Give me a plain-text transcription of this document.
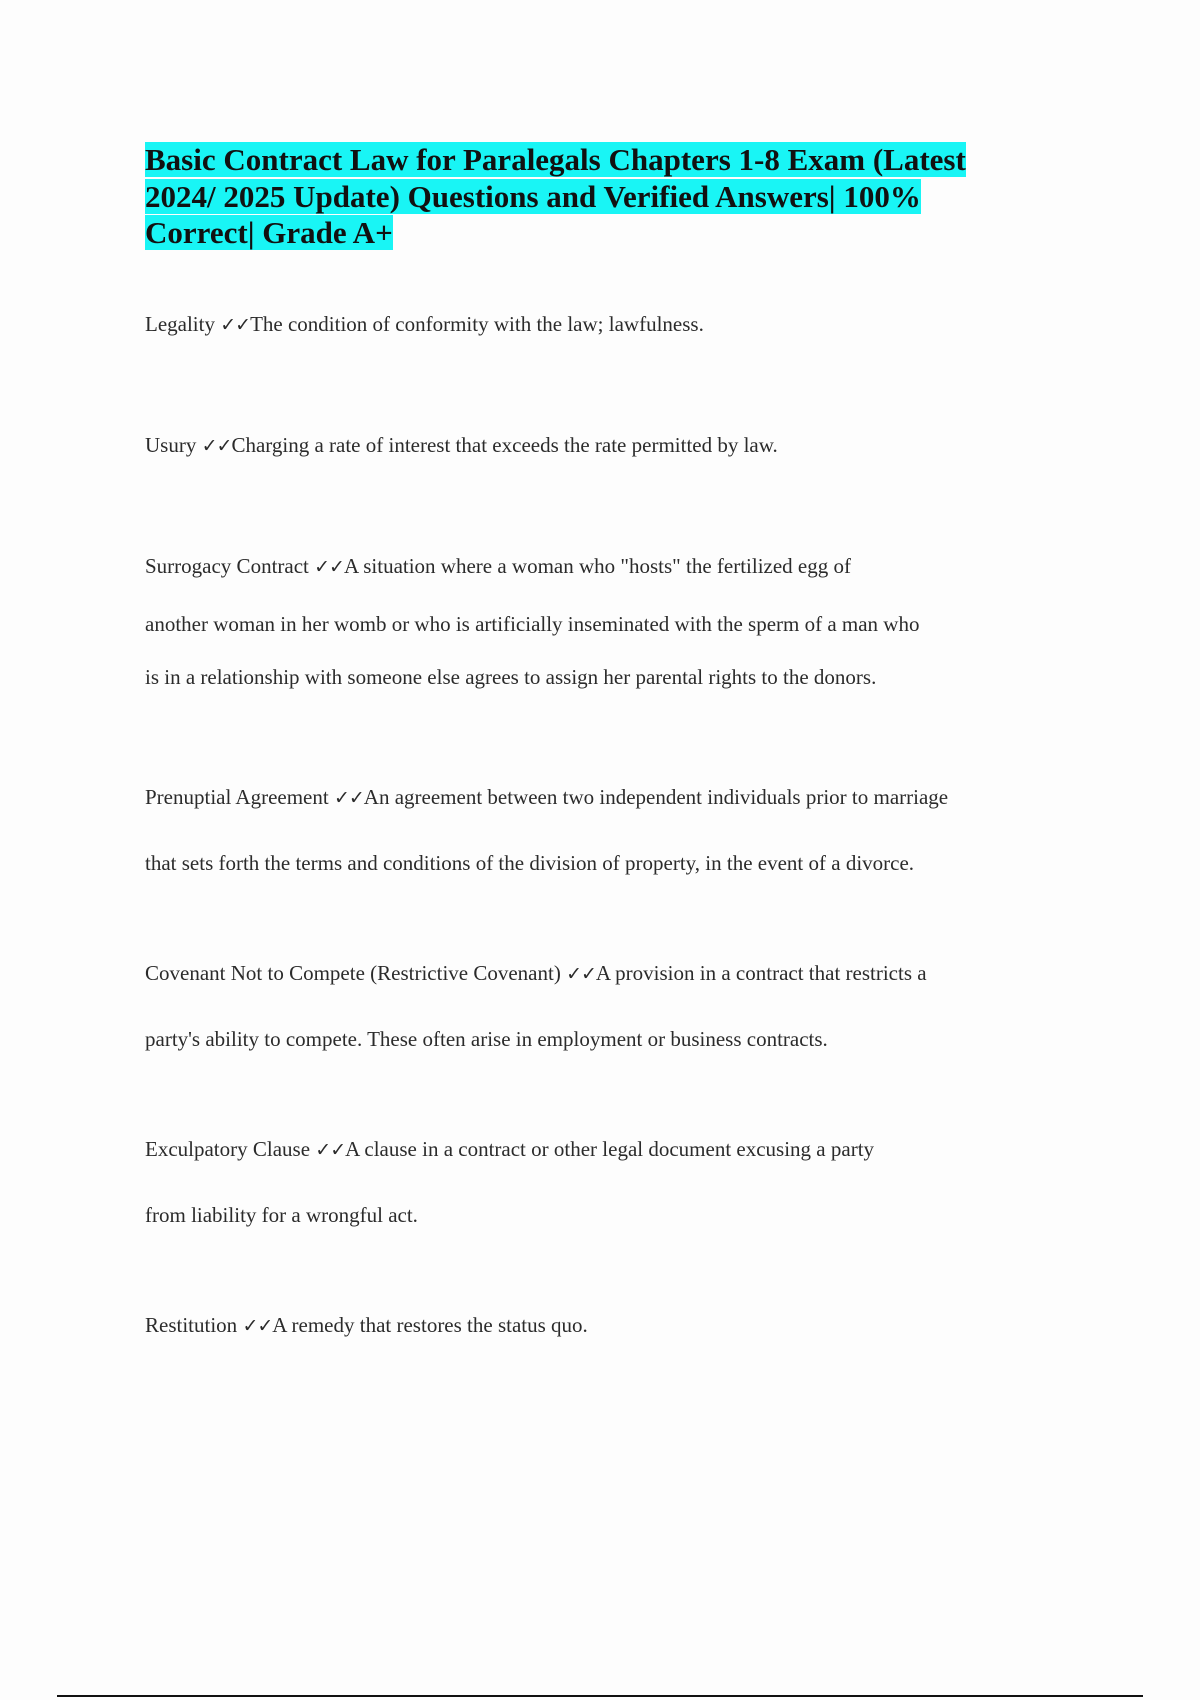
Basic Contract Law for Paralegals Chapters 1-8 Exam (Latest
2024/ 2025 Update) Questions and Verified Answers| 100%
Correct| Grade A+
Legality ✓✓The condition of conformity with the law; lawfulness.
Usury ✓✓Charging a rate of interest that exceeds the rate permitted by law.
Surrogacy Contract ✓✓A situation where a woman who "hosts" the fertilized egg of
another woman in her womb or who is artificially inseminated with the sperm of a man who
is in a relationship with someone else agrees to assign her parental rights to the donors.
Prenuptial Agreement ✓✓An agreement between two independent individuals prior to marriage
that sets forth the terms and conditions of the division of property, in the event of a divorce.
Covenant Not to Compete (Restrictive Covenant) ✓✓A provision in a contract that restricts a
party's ability to compete. These often arise in employment or business contracts.
Exculpatory Clause ✓✓A clause in a contract or other legal document excusing a party
from liability for a wrongful act.
Restitution ✓✓A remedy that restores the status quo.
